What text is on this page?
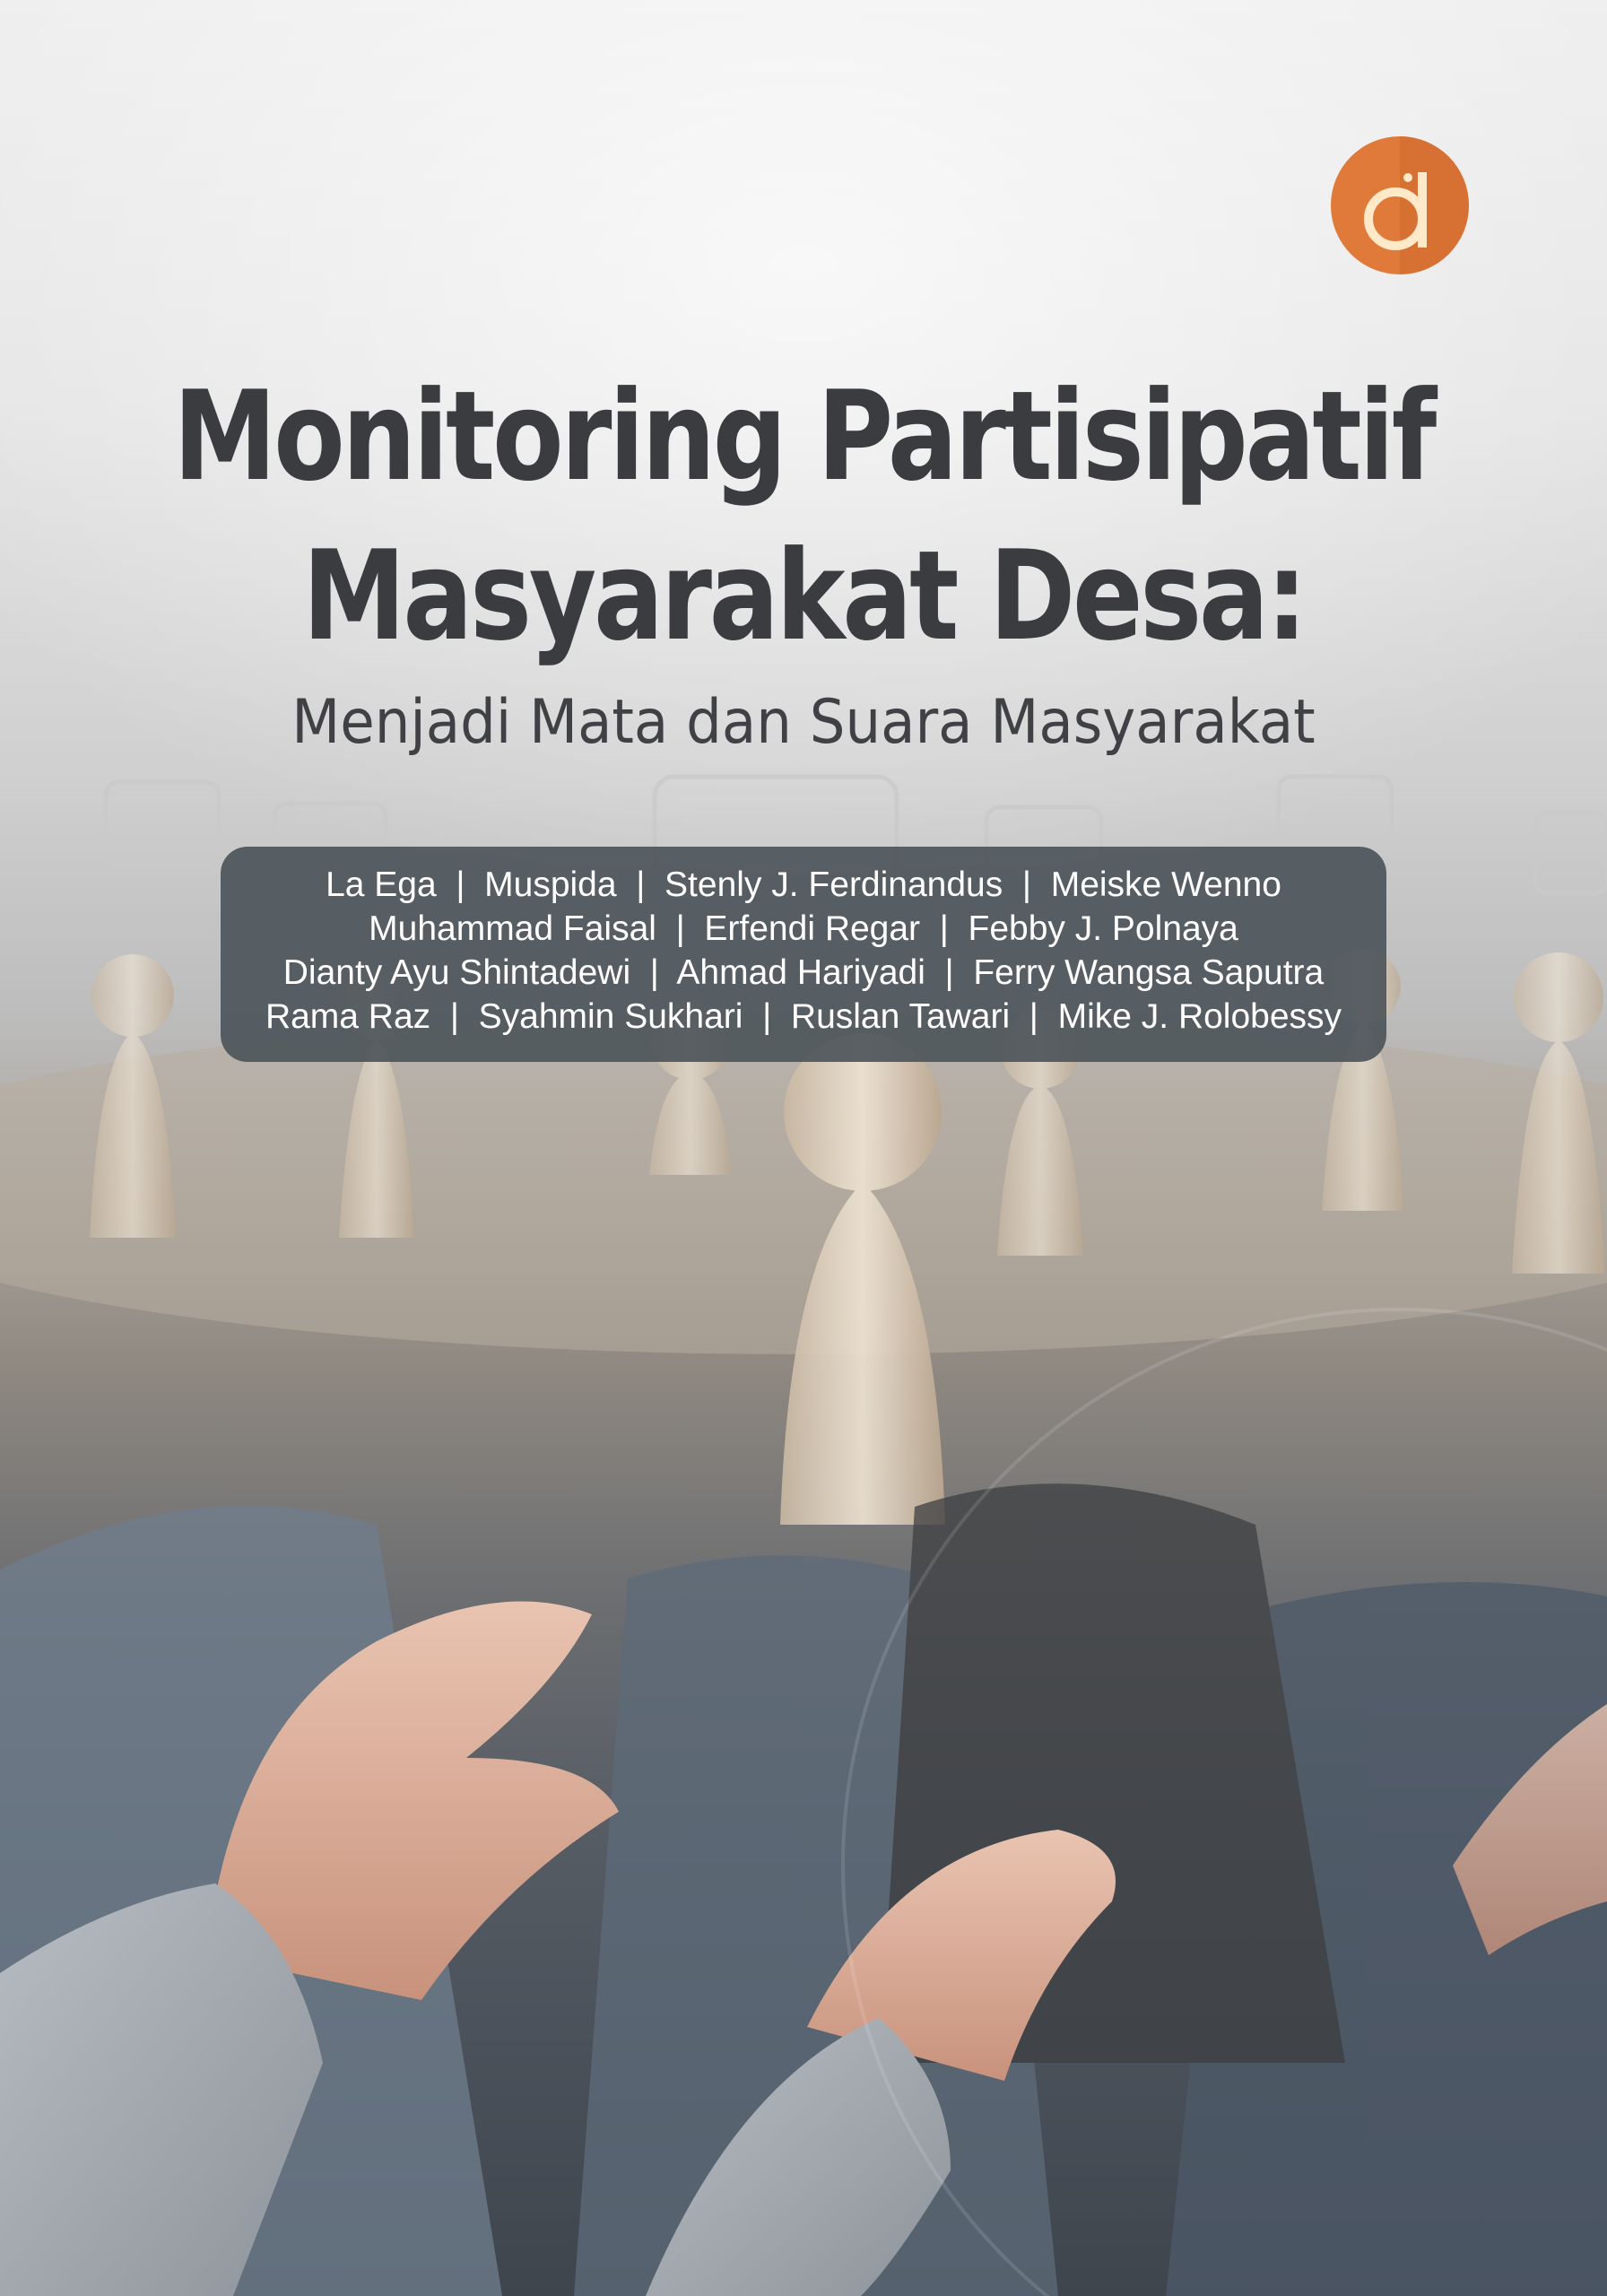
Monitoring Partisipatif
Masyarakat Desa:
Menjadi Mata dan Suara Masyarakat
La Ega  |  Muspida  |  Stenly J. Ferdinandus  |  Meiske Wenno
Muhammad Faisal  |  Erfendi Regar  |  Febby J. Polnaya
Dianty Ayu Shintadewi  |  Ahmad Hariyadi  |  Ferry Wangsa Saputra
Rama Raz  |  Syahmin Sukhari  |  Ruslan Tawari  |  Mike J. Rolobessy
